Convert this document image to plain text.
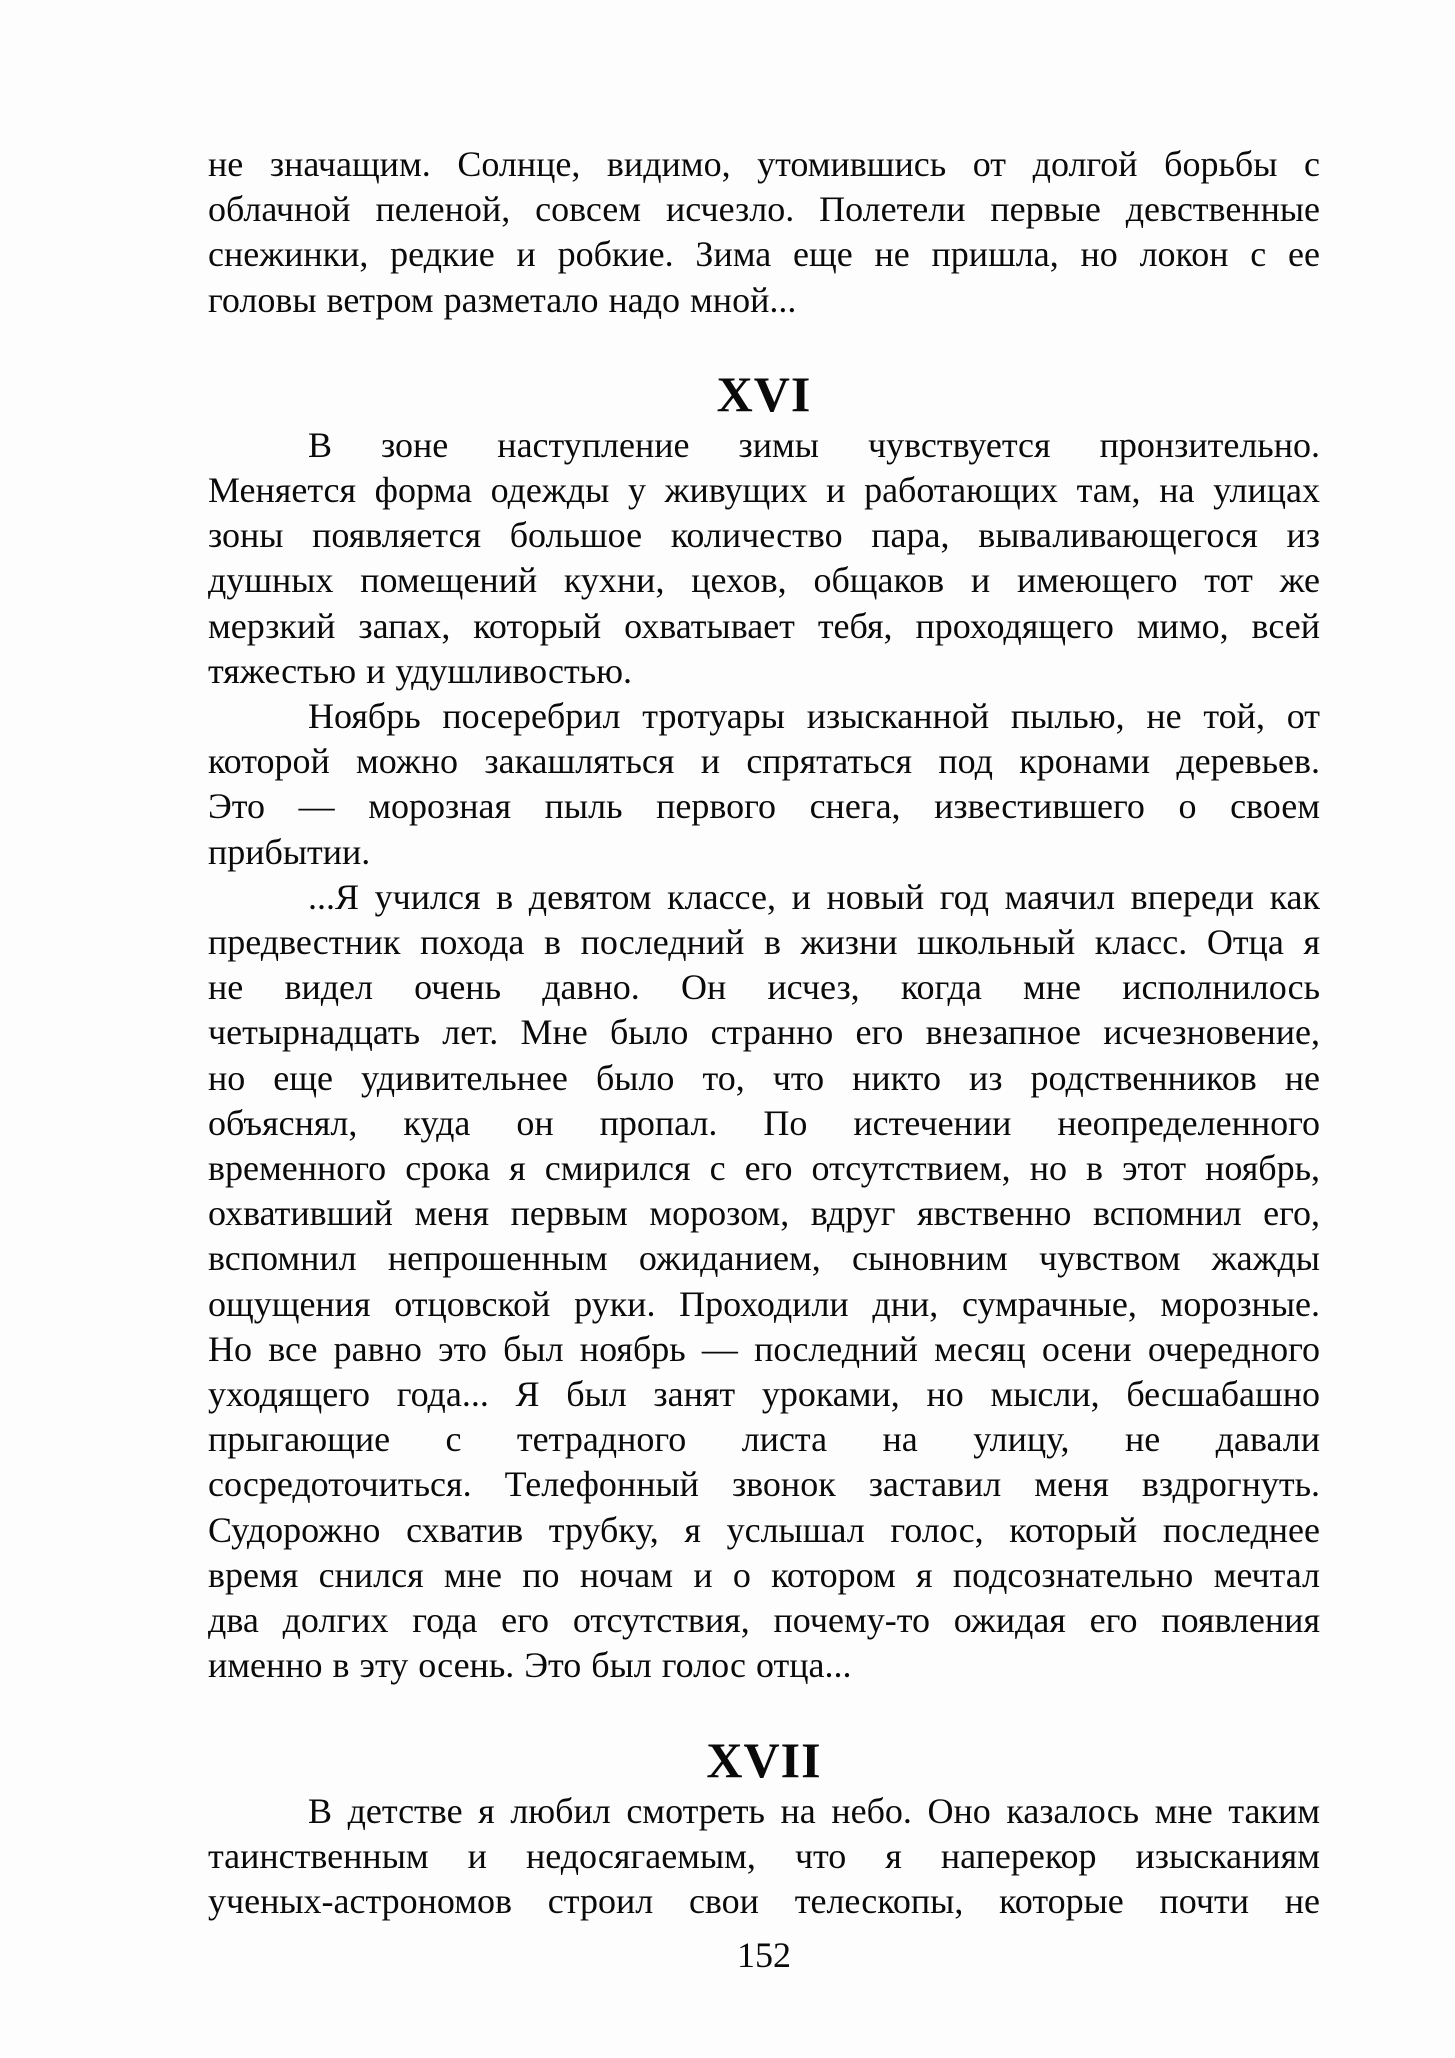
не значащим. Солнце, видимо, утомившись от долгой борьбы с
облачной пеленой, совсем исчезло. Полетели первые девственные
снежинки, редкие и робкие. Зима еще не пришла, но локон с ее
головы ветром разметало надо мной...
XVI
В зоне наступление зимы чувствуется пронзительно.
Меняется форма одежды у живущих и работающих там, на улицах
зоны появляется большое количество пара, вываливающегося из
душных помещений кухни, цехов, общаков и имеющего тот же
мерзкий запах, который охватывает тебя, проходящего мимо, всей
тяжестью и удушливостью.
Ноябрь посеребрил тротуары изысканной пылью, не той, от
которой можно закашляться и спрятаться под кронами деревьев.
Это — морозная пыль первого снега, известившего о своем
прибытии.
...Я учился в девятом классе, и новый год маячил впереди как
предвестник похода в последний в жизни школьный класс. Отца я
не видел очень давно. Он исчез, когда мне исполнилось
четырнадцать лет. Мне было странно его внезапное исчезновение,
но еще удивительнее было то, что никто из родственников не
объяснял, куда он пропал. По истечении неопределенного
временного срока я смирился с его отсутствием, но в этот ноябрь,
охвативший меня первым морозом, вдруг явственно вспомнил его,
вспомнил непрошенным ожиданием, сыновним чувством жажды
ощущения отцовской руки. Проходили дни, сумрачные, морозные.
Но все равно это был ноябрь — последний месяц осени очередного
уходящего года... Я был занят уроками, но мысли, бесшабашно
прыгающие с тетрадного листа на улицу, не давали
сосредоточиться. Телефонный звонок заставил меня вздрогнуть.
Судорожно схватив трубку, я услышал голос, который последнее
время снился мне по ночам и о котором я подсознательно мечтал
два долгих года его отсутствия, почему-то ожидая его появления
именно в эту осень. Это был голос отца...
XVII
В детстве я любил смотреть на небо. Оно казалось мне таким
таинственным и недосягаемым, что я наперекор изысканиям
ученых-астрономов строил свои телескопы, которые почти не
152
